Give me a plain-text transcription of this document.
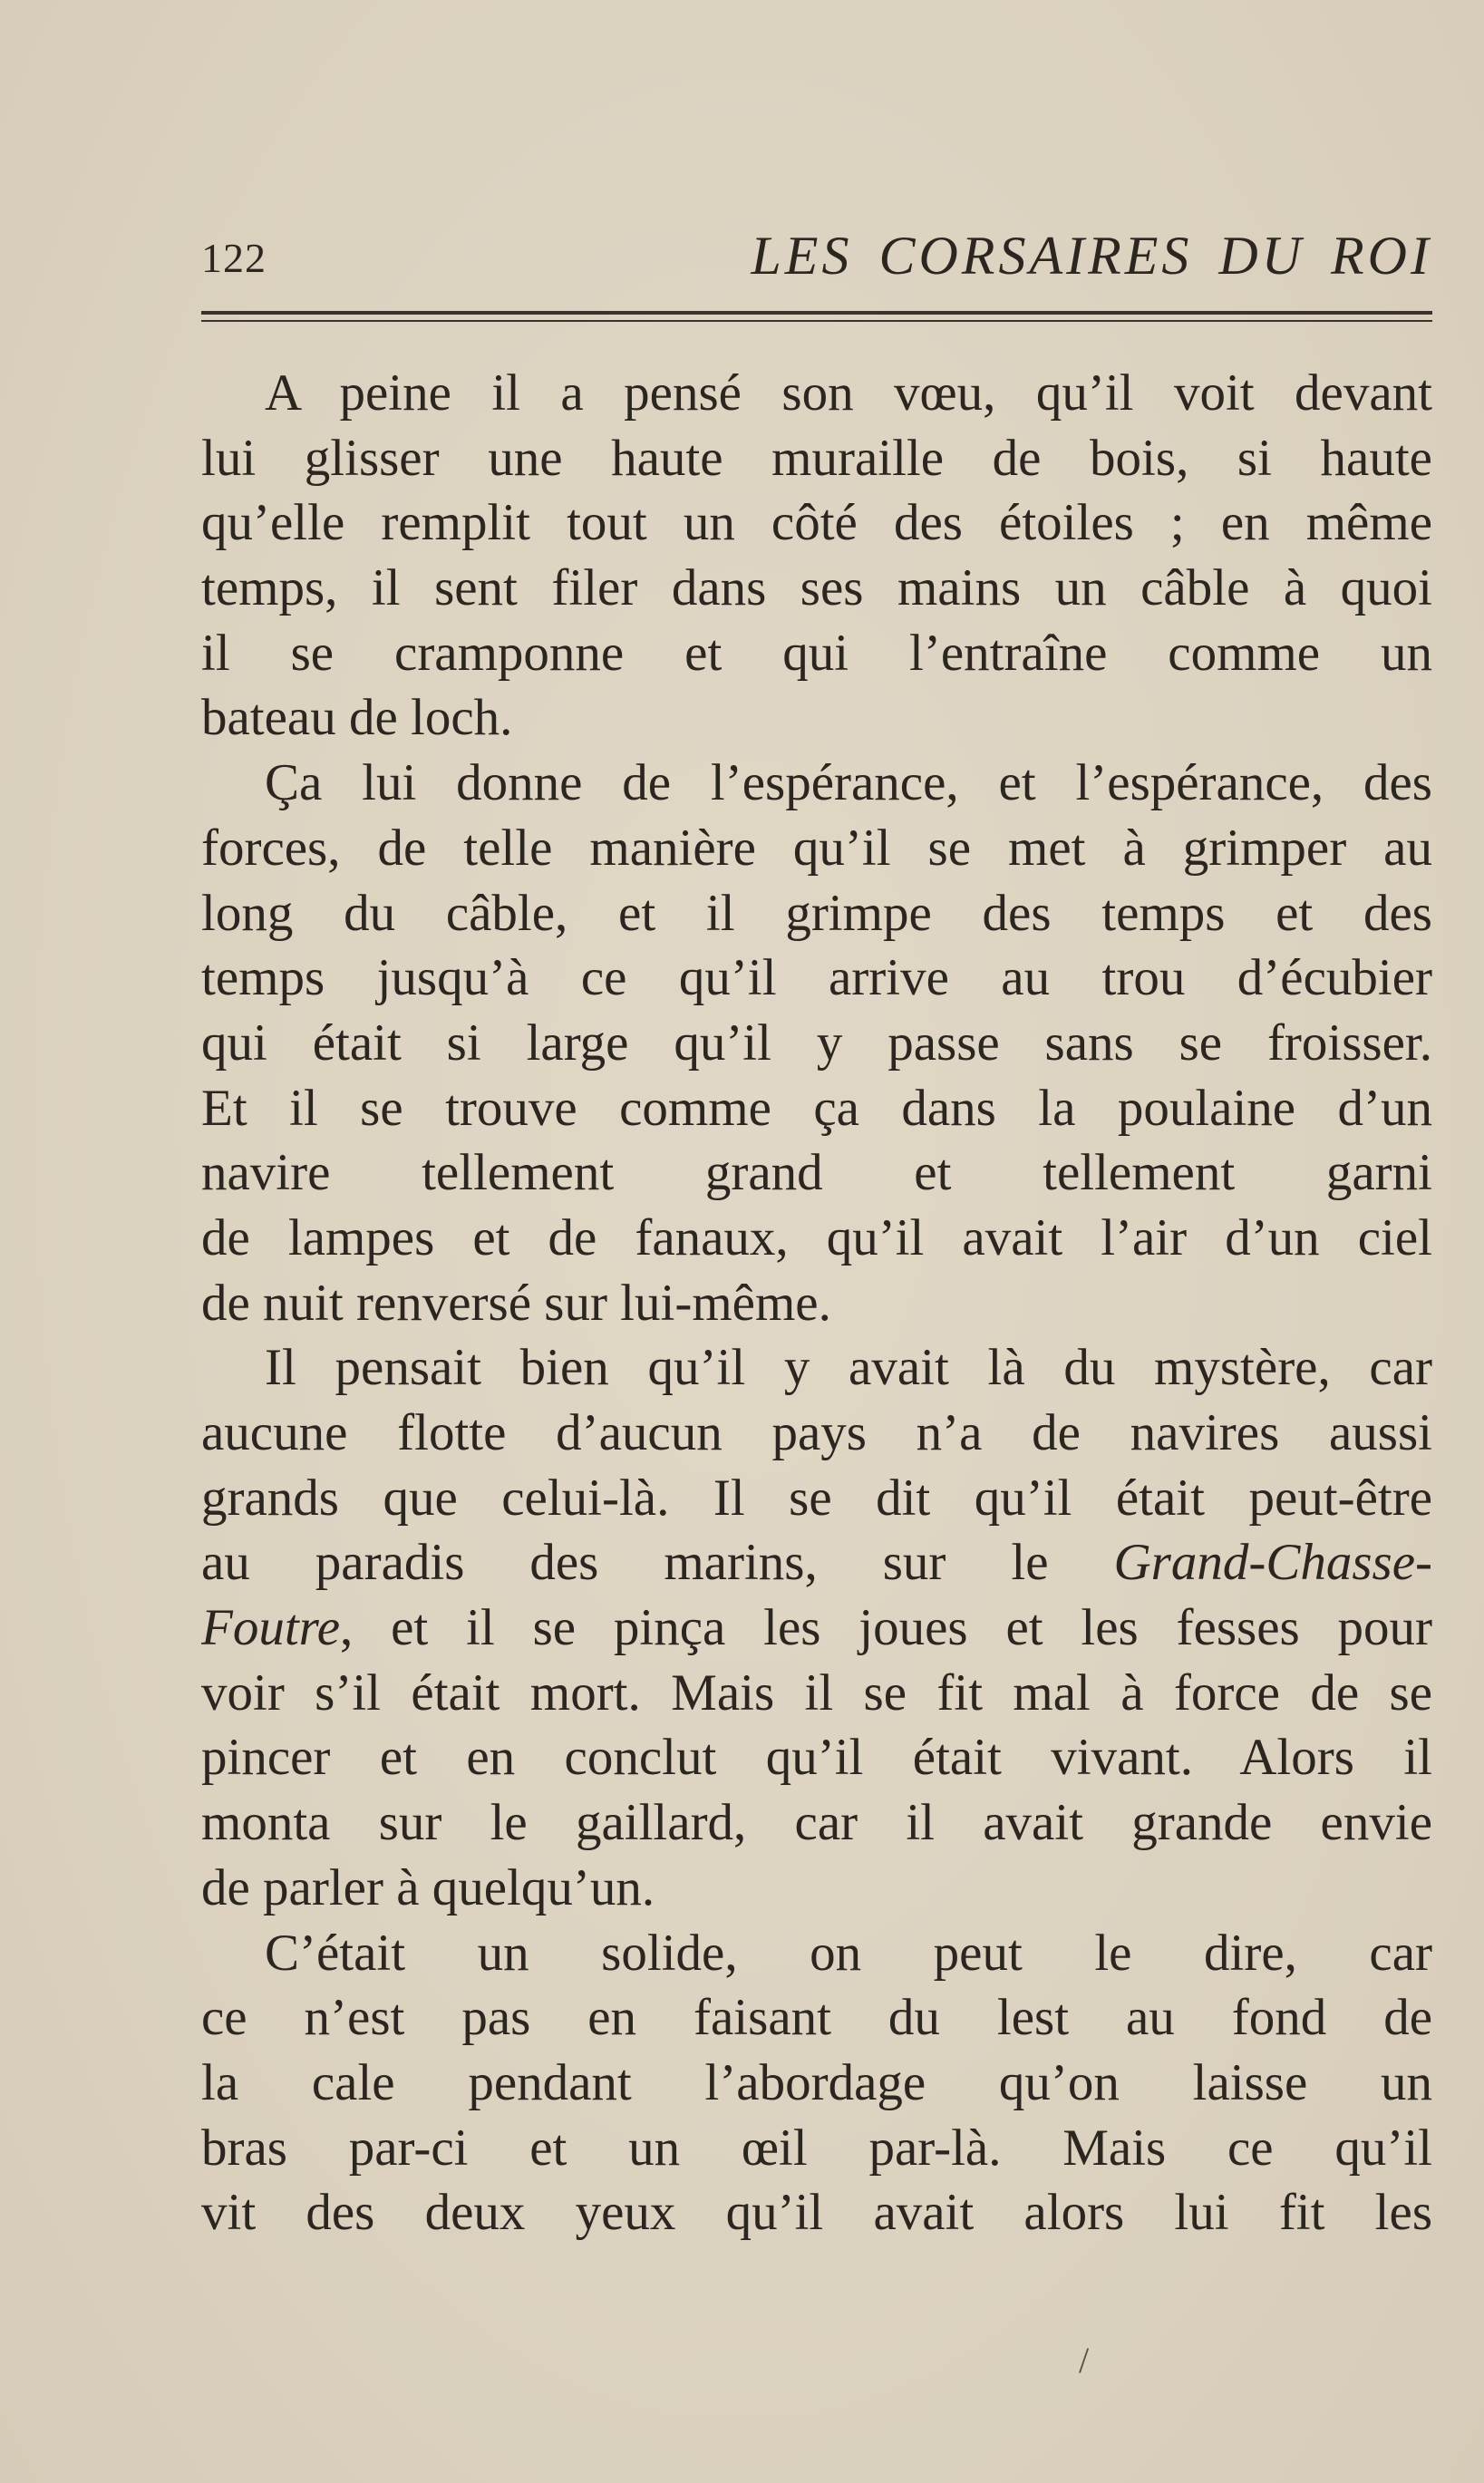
122	LES CORSAIRES DU ROI
A peine il a pensé son vœu, qu’il voit devant
lui glisser une haute muraille de bois, si haute
qu’elle remplit tout un côté des étoiles ; en même
temps, il sent filer dans ses mains un câble à quoi
il se cramponne et qui l’entraîne comme un
bateau de loch.
Ça lui donne de l’espérance, et l’espérance, des
forces, de telle manière qu’il se met à grimper au
long du câble, et il grimpe des temps et des
temps jusqu’à ce qu’il arrive au trou d’écubier
qui était si large qu’il y passe sans se froisser.
Et il se trouve comme ça dans la poulaine d’un
navire tellement grand et tellement garni
de lampes et de fanaux, qu’il avait l’air d’un ciel
de nuit renversé sur lui-même.
Il pensait bien qu’il y avait là du mystère, car
aucune flotte d’aucun pays n’a de navires aussi
grands que celui-là. Il se dit qu’il était peut-être
au paradis des marins, sur le Grand-Chasse-
Foutre, et il se pinça les joues et les fesses pour
voir s’il était mort. Mais il se fit mal à force de se
pincer et en conclut qu’il était vivant. Alors il
monta sur le gaillard, car il avait grande envie
de parler à quelqu’un.
C’était un solide, on peut le dire, car
ce n’est pas en faisant du lest au fond de
la cale pendant l’abordage qu’on laisse un
bras par-ci et un œil par-là. Mais ce qu’il
vit des deux yeux qu’il avait alors lui fit les
/
